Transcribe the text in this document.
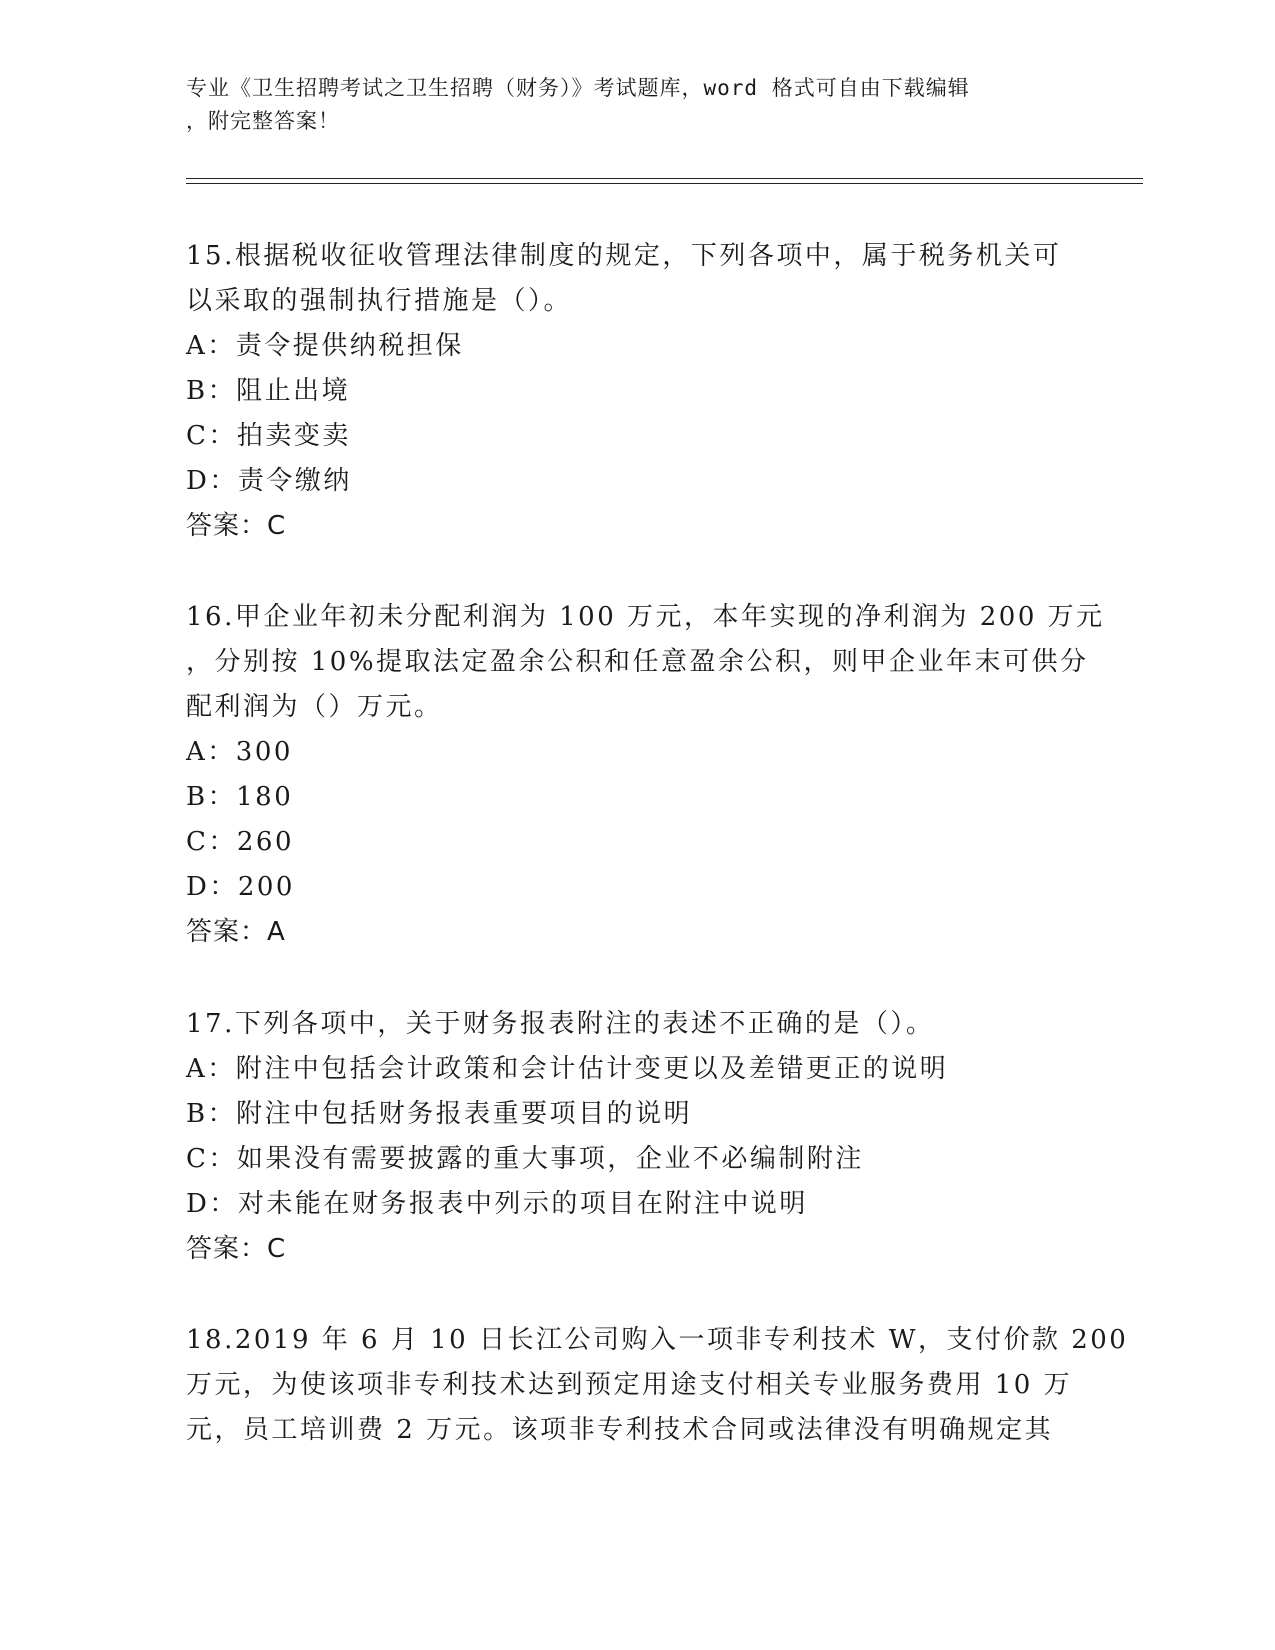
专业《卫生招聘考试之卫生招聘（财务）》考试题库，word 格式可自由下载编辑
，附完整答案！
15.根据税收征收管理法律制度的规定，下列各项中，属于税务机关可
以采取的强制执行措施是（）。
A：责令提供纳税担保
B：阻止出境
C：拍卖变卖
D：责令缴纳
答案：C
16.甲企业年初未分配利润为 100 万元，本年实现的净利润为 200 万元
，分别按 10%提取法定盈余公积和任意盈余公积，则甲企业年末可供分
配利润为（）万元。
A：300
B：180
C：260
D：200
答案：A
17.下列各项中，关于财务报表附注的表述不正确的是（）。
A：附注中包括会计政策和会计估计变更以及差错更正的说明
B：附注中包括财务报表重要项目的说明
C：如果没有需要披露的重大事项，企业不必编制附注
D：对未能在财务报表中列示的项目在附注中说明
答案：C
18.2019 年 6 月 10 日长江公司购入一项非专利技术 W，支付价款 200
万元，为使该项非专利技术达到预定用途支付相关专业服务费用 10 万
元，员工培训费 2 万元。该项非专利技术合同或法律没有明确规定其
